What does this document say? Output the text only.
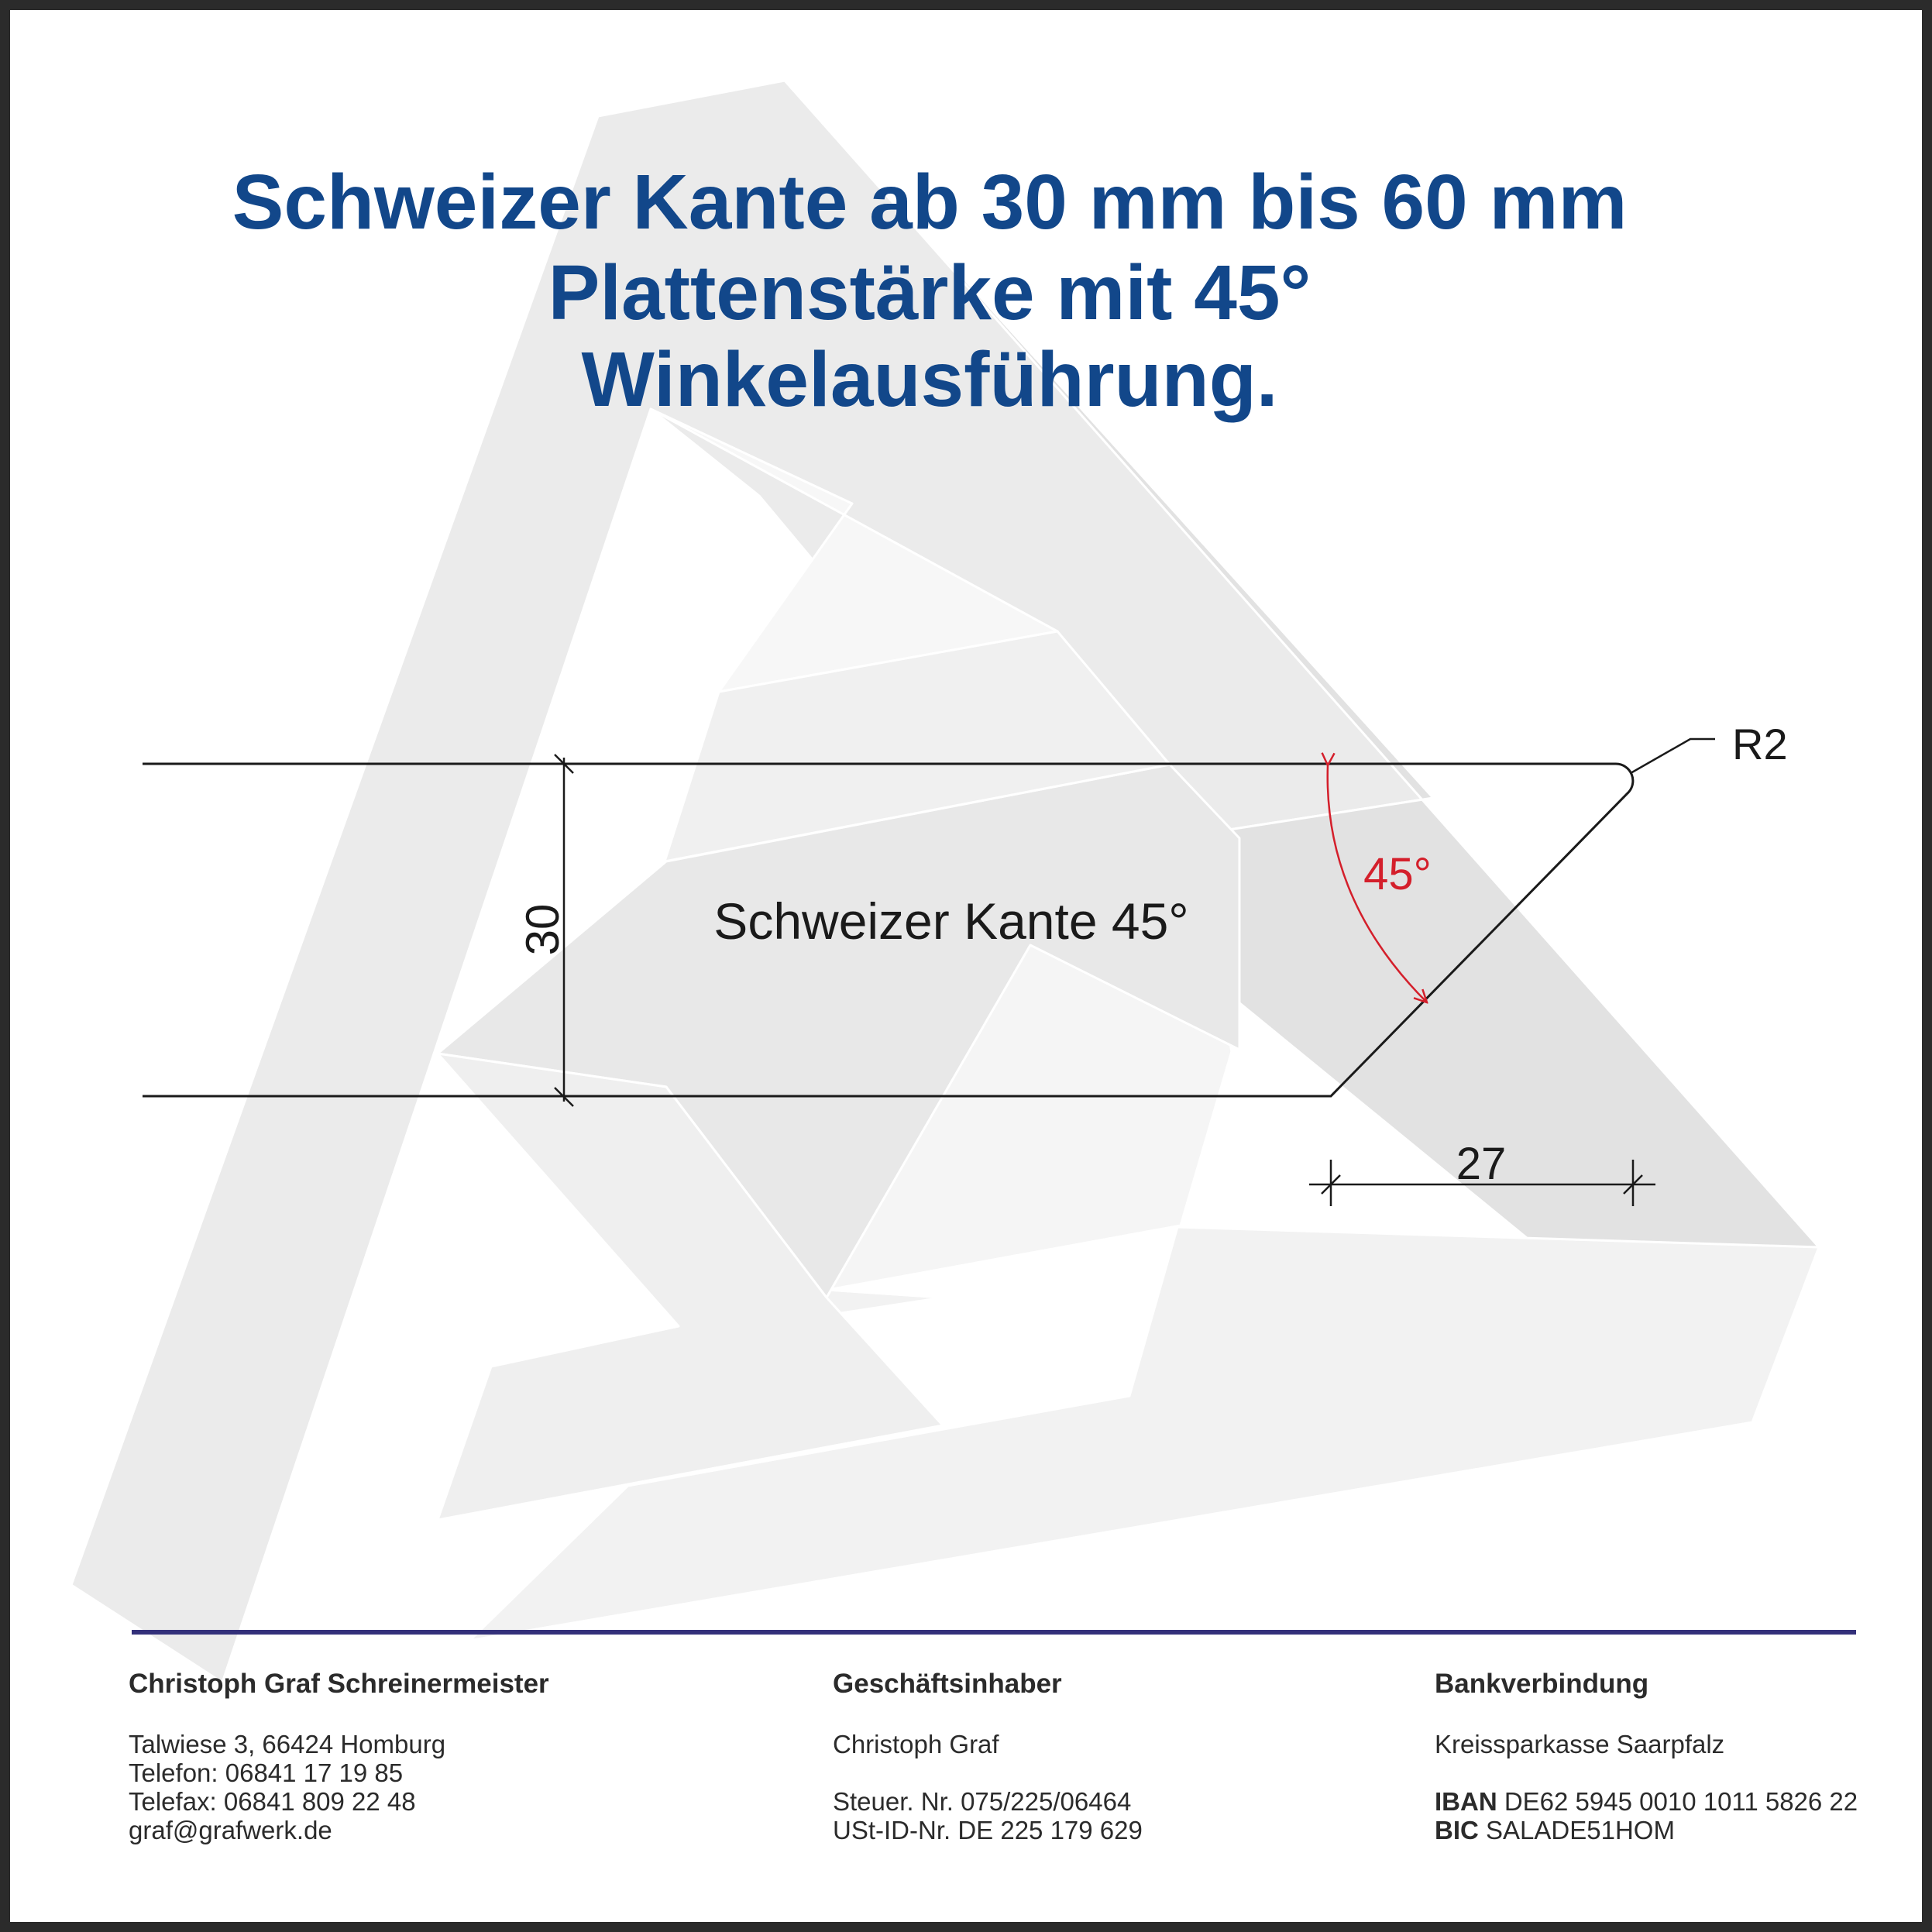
Schweizer Kante ab 30 mm bis 60 mm
Plattenstärke mit 45°
Winkelausführung.
30	Schweizer Kante 45°
45°
R2
27
Christoph Graf Schreinermeister
Talwiese 3, 66424 Homburg
Telefon: 06841 17 19 85
Telefax: 06841 809 22 48
graf@grafwerk.de
Geschäftsinhaber
Christoph Graf
Steuer. Nr. 075/225/06464
USt-ID-Nr. DE 225 179 629
Bankverbindung
Kreissparkasse Saarpfalz
IBAN DE62 5945 0010 1011 5826 22
BIC SALADE51HOM
